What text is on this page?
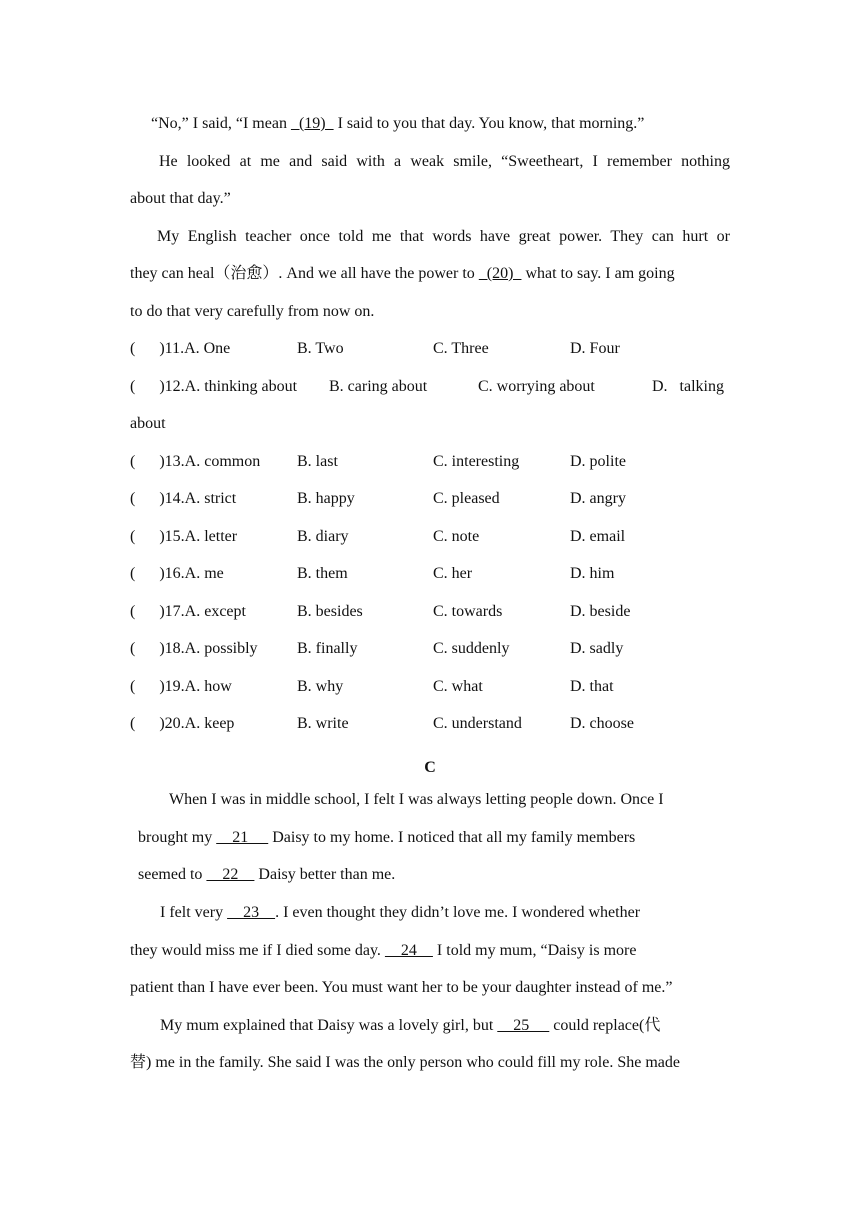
“No,” I said, “I mean   (19)   I said to you that day. You know, that morning.”
He looked at me and said with a weak smile, “Sweetheart, I remember nothing
about that day.”
My English teacher once told me that words have great power. They can hurt or
they can heal（治愈）. And we all have the power to   (20)   what to say. I am going
to do that very carefully from now on.
(      )11.A. One	B. Two	C. Three	D. Four
(      )12.A. thinking about B. caring about	C. worrying about	D.   talking
about
(      )13.A. common B. last	C. interesting	D. polite
(      )14.A. strict	B. happy	C. pleased	D. angry
(      )15.A. letter	B. diary	C. note	D. email
(      )16.A. me	B. them	C. her	D. him
(      )17.A. except	B. besides	C. towards	D. beside
(      )18.A. possibly B. finally	C. suddenly	D. sadly
(      )19.A. how	B. why	C. what	D. that
(      )20.A. keep	B. write	C. understand	D. choose
C
When I was in middle school, I felt I was always letting people down. Once I
brought my     21      Daisy to my home. I noticed that all my family members
seemed to     22     Daisy better than me.
I felt very     23    . I even thought they didn’t love me. I wondered whether
they would miss me if I died some day.     24     I told my mum, “Daisy is more
patient than I have ever been. You must want her to be your daughter instead of me.”
My mum explained that Daisy was a lovely girl, but     25      could replace(代
替) me in the family. She said I was the only person who could fill my role. She made
